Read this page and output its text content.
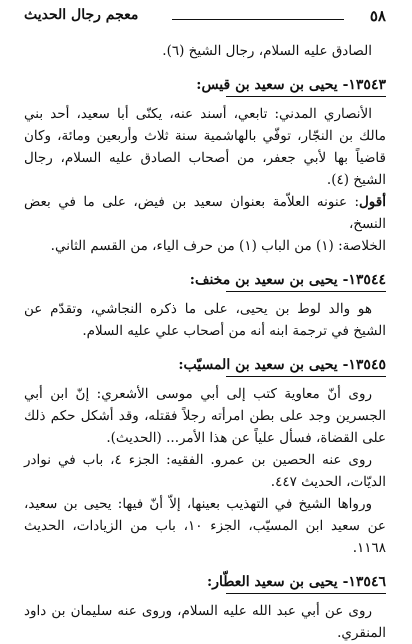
٥٨
معجم رجال الحديث

الصادق عليه السلام، رجال الشيخ (٦).

١٣٥٤٣- يحيى بن سعيد بن قيس:

الأنصاري المدني: تابعي، أسند عنه، يكنّى أبا سعيد، أحد بني مالك بن النجّار، توفّي بالهاشمية سنة ثلاث وأربعين ومائة، وكان قاضياً بها لأبي جعفر، من أصحاب الصادق عليه السلام، رجال الشيخ (٤).

أقول: عنونه العلاّمة بعنوان سعيد بن فيض، على ما في بعض النسخ،

الخلاصة: (١) من الباب (١) من حرف الياء، من القسم الثاني.

١٣٥٤٤- يحيى بن سعيد بن مخنف:

هو والد لوط بن يحيى، على ما ذكره النجاشي، وتقدّم عن الشيخ في ترجمة ابنه أنه من أصحاب علي عليه السلام.

١٣٥٤٥- يحيى بن سعيد بن المسيّب:

روى أنّ معاوية كتب إلى أبي موسى الأشعري: إنّ ابن أبي الجسرين وجد على بطن امرأته رجلاً فقتله، وقد أشكل حكم ذلك على القضاة، فسأل علياً عن هذا الأمر... (الحديث).

روى عنه الحصين بن عمرو. الفقيه: الجزء ٤، باب في نوادر الديّات، الحديث ٤٤٧.

ورواها الشيخ في التهذيب بعينها، إلاّ أنّ فيها: يحيى بن سعيد، عن سعيد ابن المسيّب، الجزء ١٠، باب من الزيادات، الحديث ١١٦٨.

١٣٥٤٦- يحيى بن سعيد العطّار:

روى عن أبي عبد الله عليه السلام، وروى عنه سليمان بن داود المنقري.
